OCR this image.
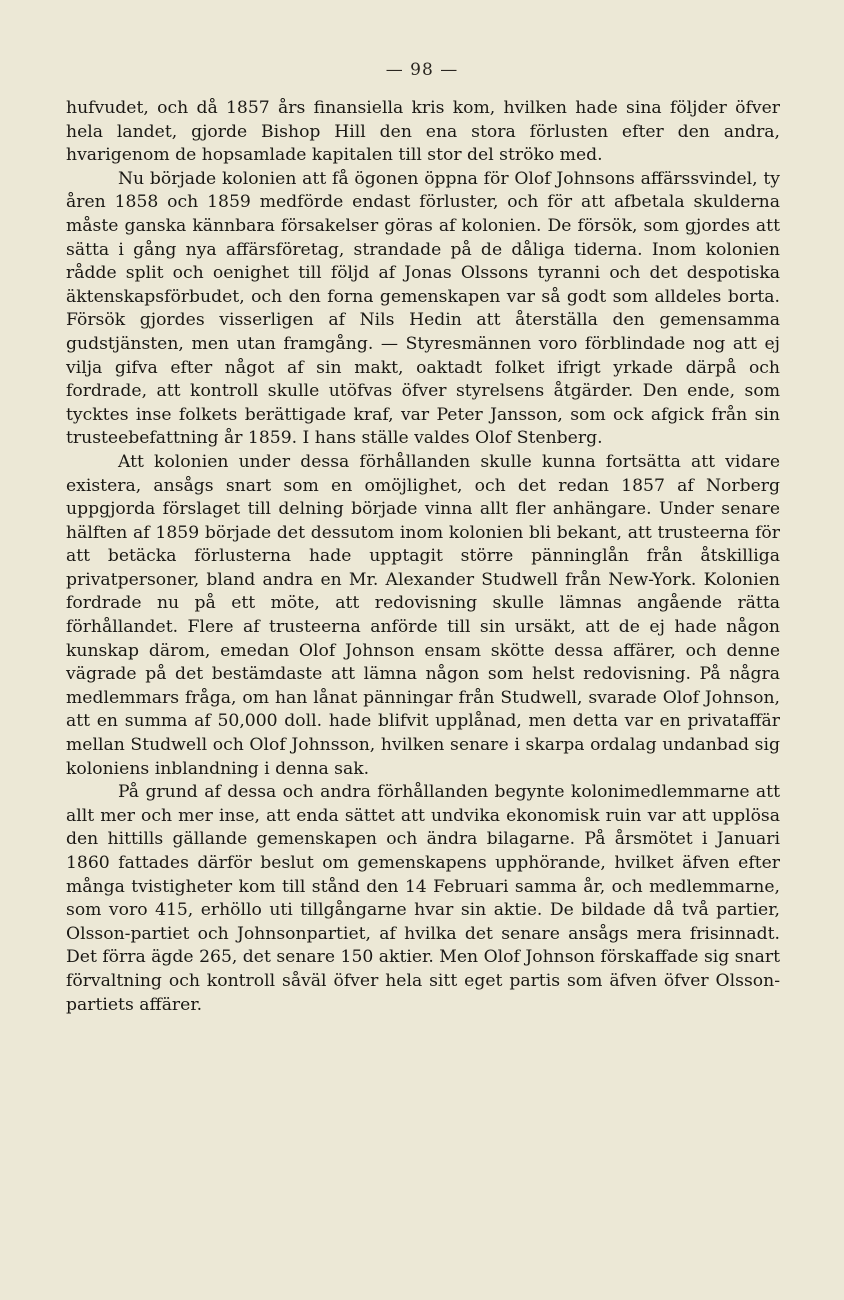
— 98 —

hufvudet, och då 1857 års finansiella kris kom, hvilken hade sina följder öfver hela landet, gjorde Bishop Hill den ena stora förlusten efter den andra, hvarigenom de hopsamlade kapitalen till stor del ströko med.

Nu började kolonien att få ögonen öppna för Olof Johnsons affärssvindel, ty åren 1858 och 1859 medförde endast förluster, och för att afbetala skulderna måste ganska kännbara försakelser göras af kolonien. De försök, som gjordes att sätta i gång nya affärsföretag, strandade på de dåliga tiderna. Inom kolonien rådde split och oenighet till följd af Jonas Olssons tyranni och det despotiska äktenskapsförbudet, och den forna gemenskapen var så godt som alldeles borta. Försök gjordes visserligen af Nils Hedin att återställa den gemensamma gudstjänsten, men utan framgång. — Styresmännen voro förblindade nog att ej vilja gifva efter något af sin makt, oaktadt folket ifrigt yrkade därpå och fordrade, att kontroll skulle utöfvas öfver styrelsens åtgärder. Den ende, som tycktes inse folkets berättigade kraf, var Peter Jansson, som ock afgick från sin trusteebefattning år 1859. I hans ställe valdes Olof Stenberg.

Att kolonien under dessa förhållanden skulle kunna fortsätta att vidare existera, ansågs snart som en omöjlighet, och det redan 1857 af Norberg uppgjorda förslaget till delning började vinna allt fler anhängare. Under senare hälften af 1859 började det dessutom inom kolonien bli bekant, att trusteerna för att betäcka förlusterna hade upptagit större pänninglån från åtskilliga privatpersoner, bland andra en Mr. Alexander Studwell från New-York. Kolonien fordrade nu på ett möte, att redovisning skulle lämnas angående rätta förhållandet. Flere af trusteerna anförde till sin ursäkt, att de ej hade någon kunskap därom, emedan Olof Johnson ensam skötte dessa affärer, och denne vägrade på det bestämdaste att lämna någon som helst redovisning. På några medlemmars fråga, om han lånat pänningar från Studwell, svarade Olof Johnson, att en summa af 50,000 doll. hade blifvit upplånad, men detta var en privataffär mellan Studwell och Olof Johnsson, hvilken senare i skarpa ordalag undanbad sig koloniens inblandning i denna sak.

På grund af dessa och andra förhållanden begynte kolonimedlemmarne att allt mer och mer inse, att enda sättet att undvika ekonomisk ruin var att upplösa den hittills gällande gemenskapen och ändra bilagarne. På årsmötet i Januari 1860 fattades därför beslut om gemenskapens upphörande, hvilket äfven efter många tvistigheter kom till stånd den 14 Februari samma år, och medlemmarne, som voro 415, erhöllo uti tillgångarne hvar sin aktie. De bildade då två partier, Olsson-partiet och Johnsonpartiet, af hvilka det senare ansågs mera frisinnadt. Det förra ägde 265, det senare 150 aktier. Men Olof Johnson förskaffade sig snart förvaltning och kontroll såväl öfver hela sitt eget partis som äfven öfver Olsson-partiets affärer.
